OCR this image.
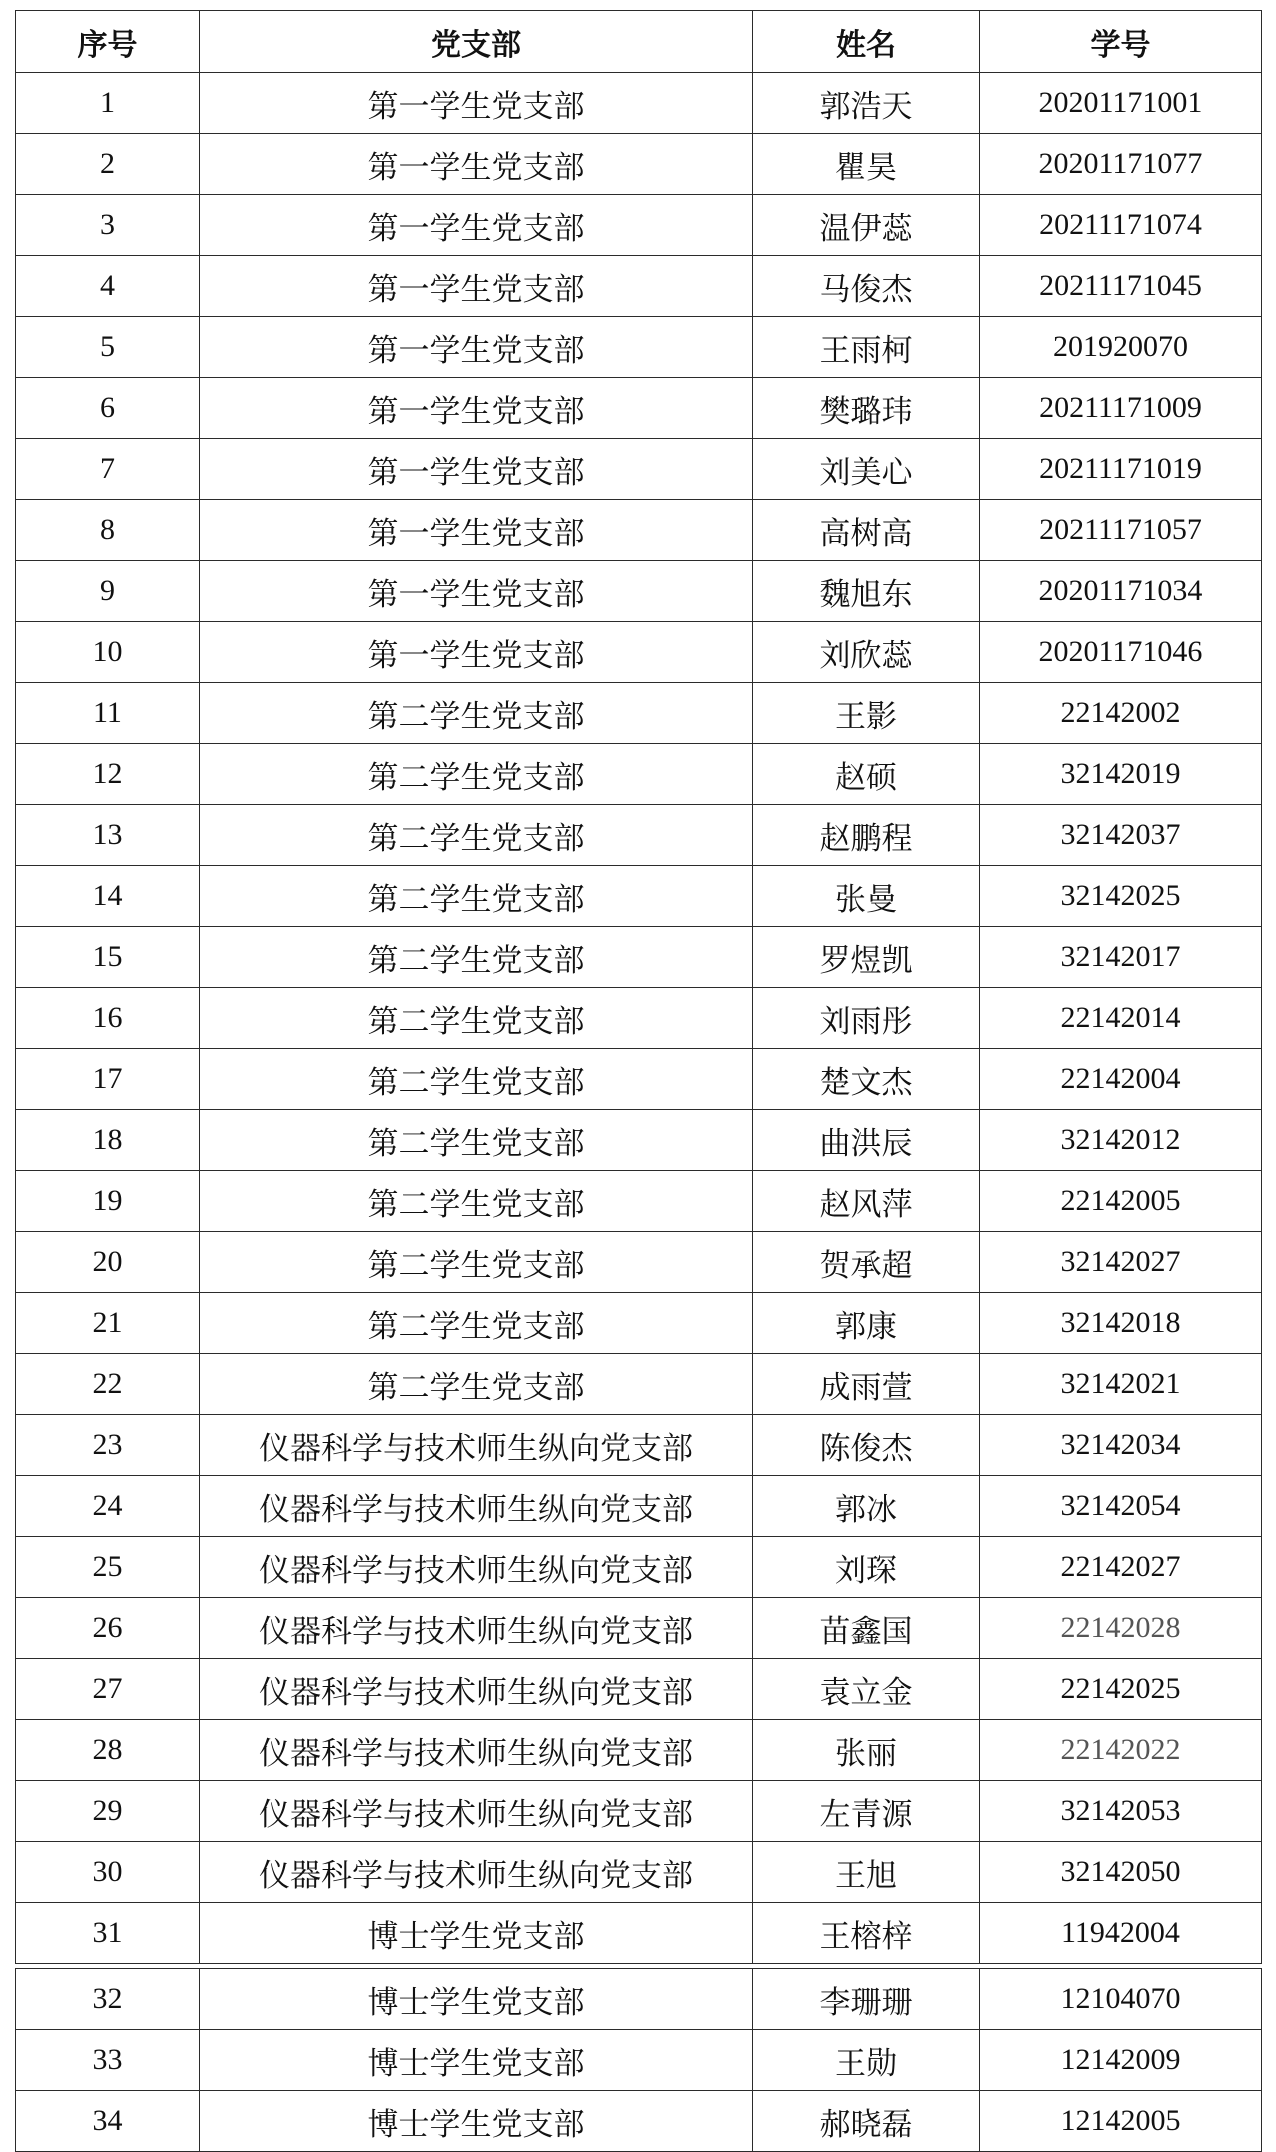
序号	党支部	姓名	学号
1	第一学生党支部	郭浩天	20201171001
2	第一学生党支部	瞿昊	20201171077
3	第一学生党支部	温伊蕊	20211171074
4	第一学生党支部	马俊杰	20211171045
5	第一学生党支部	王雨柯	201920070
6	第一学生党支部	樊璐玮	20211171009
7	第一学生党支部	刘美心	20211171019
8	第一学生党支部	高树高	20211171057
9	第一学生党支部	魏旭东	20201171034
10	第一学生党支部	刘欣蕊	20201171046
11	第二学生党支部	王影	22142002
12	第二学生党支部	赵硕	32142019
13	第二学生党支部	赵鹏程	32142037
14	第二学生党支部	张曼	32142025
15	第二学生党支部	罗煜凯	32142017
16	第二学生党支部	刘雨彤	22142014
17	第二学生党支部	楚文杰	22142004
18	第二学生党支部	曲洪辰	32142012
19	第二学生党支部	赵风萍	22142005
20	第二学生党支部	贺承超	32142027
21	第二学生党支部	郭康	32142018
22	第二学生党支部	成雨萱	32142021
23	仪器科学与技术师生纵向党支部	陈俊杰	32142034
24	仪器科学与技术师生纵向党支部	郭冰	32142054
25	仪器科学与技术师生纵向党支部	刘琛	22142027
26	仪器科学与技术师生纵向党支部	苗鑫国	22142028
27	仪器科学与技术师生纵向党支部	袁立金	22142025
28	仪器科学与技术师生纵向党支部	张丽	22142022
29	仪器科学与技术师生纵向党支部	左青源	32142053
30	仪器科学与技术师生纵向党支部	王旭	32142050
31	博士学生党支部	王榕梓	11942004

32	博士学生党支部	李珊珊	12104070
33	博士学生党支部	王勋	12142009
34	博士学生党支部	郝晓磊	12142005
